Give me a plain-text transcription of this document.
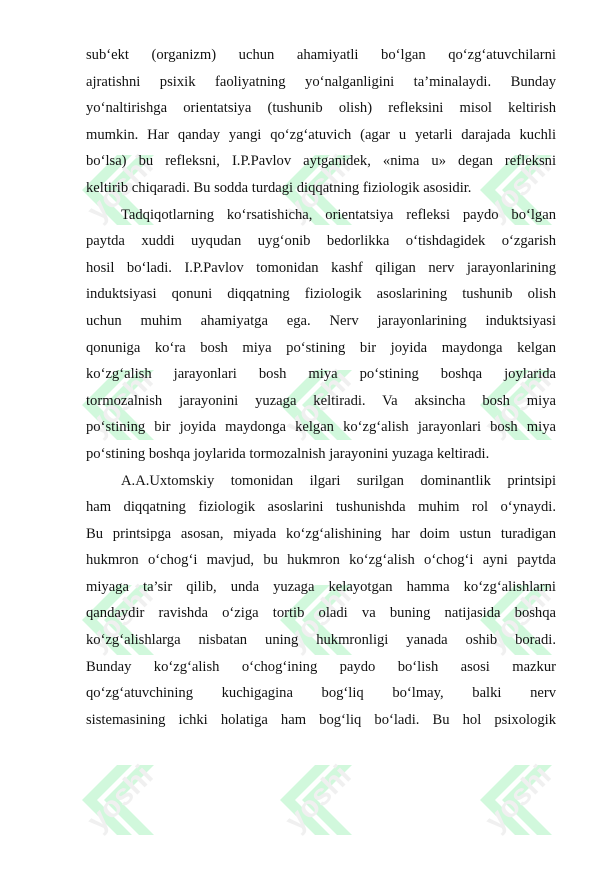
yoshi	yoshi	yoshi
yoshi	yoshi	yoshi
yoshi	yoshi	yoshi
yoshi	yoshi	yoshi
sub‘ekt (organizm) uchun ahamiyatli bo‘lgan qo‘zg‘atuvchilarni
ajratishni psixik faoliyatning yo‘nalganligini ta’minalaydi. Bunday
yo‘naltirishga orientatsiya (tushunib olish) refleksini misol keltirish
mumkin. Har qanday yangi qo‘zg‘atuvich (agar u yetarli darajada kuchli
bo‘lsa) bu refleksni, I.P.Pavlov aytganidek, «nima u» degan refleksni
keltirib chiqaradi. Bu sodda turdagi diqqatning fiziologik asosidir.
Tadqiqotlarning ko‘rsatishicha, orientatsiya refleksi paydo bo‘lgan
paytda xuddi uyqudan uyg‘onib bedorlikka o‘tishdagidek o‘zgarish
hosil bo‘ladi. I.P.Pavlov tomonidan kashf qiligan nerv jarayonlarining
induktsiyasi qonuni diqqatning fiziologik asoslarining tushunib olish
uchun muhim ahamiyatga ega. Nerv jarayonlarining induktsiyasi
qonuniga ko‘ra bosh miya po‘stining bir joyida maydonga kelgan
ko‘zg‘alish jarayonlari bosh miya po‘stining boshqa joylarida
tormozalnish jarayonini yuzaga keltiradi. Va aksincha bosh miya
po‘stining bir joyida maydonga kelgan ko‘zg‘alish jarayonlari bosh miya
po‘stining boshqa joylarida tormozalnish jarayonini yuzaga keltiradi.
A.A.Uxtomskiy tomonidan ilgari surilgan dominantlik printsipi
ham diqqatning fiziologik asoslarini tushunishda muhim rol o‘ynaydi.
Bu printsipga asosan, miyada ko‘zg‘alishining har doim ustun turadigan
hukmron o‘chog‘i mavjud, bu hukmron ko‘zg‘alish o‘chog‘i ayni paytda
miyaga ta’sir qilib, unda yuzaga kelayotgan hamma ko‘zg‘alishlarni
qandaydir ravishda o‘ziga tortib oladi va buning natijasida boshqa
ko‘zg‘alishlarga nisbatan uning hukmronligi yanada oshib boradi.
Bunday ko‘zg‘alish o‘chog‘ining paydo bo‘lish asosi mazkur
qo‘zg‘atuvchining kuchigagina bog‘liq bo‘lmay, balki nerv
sistemasining ichki holatiga ham bog‘liq bo‘ladi. Bu hol psixologik
